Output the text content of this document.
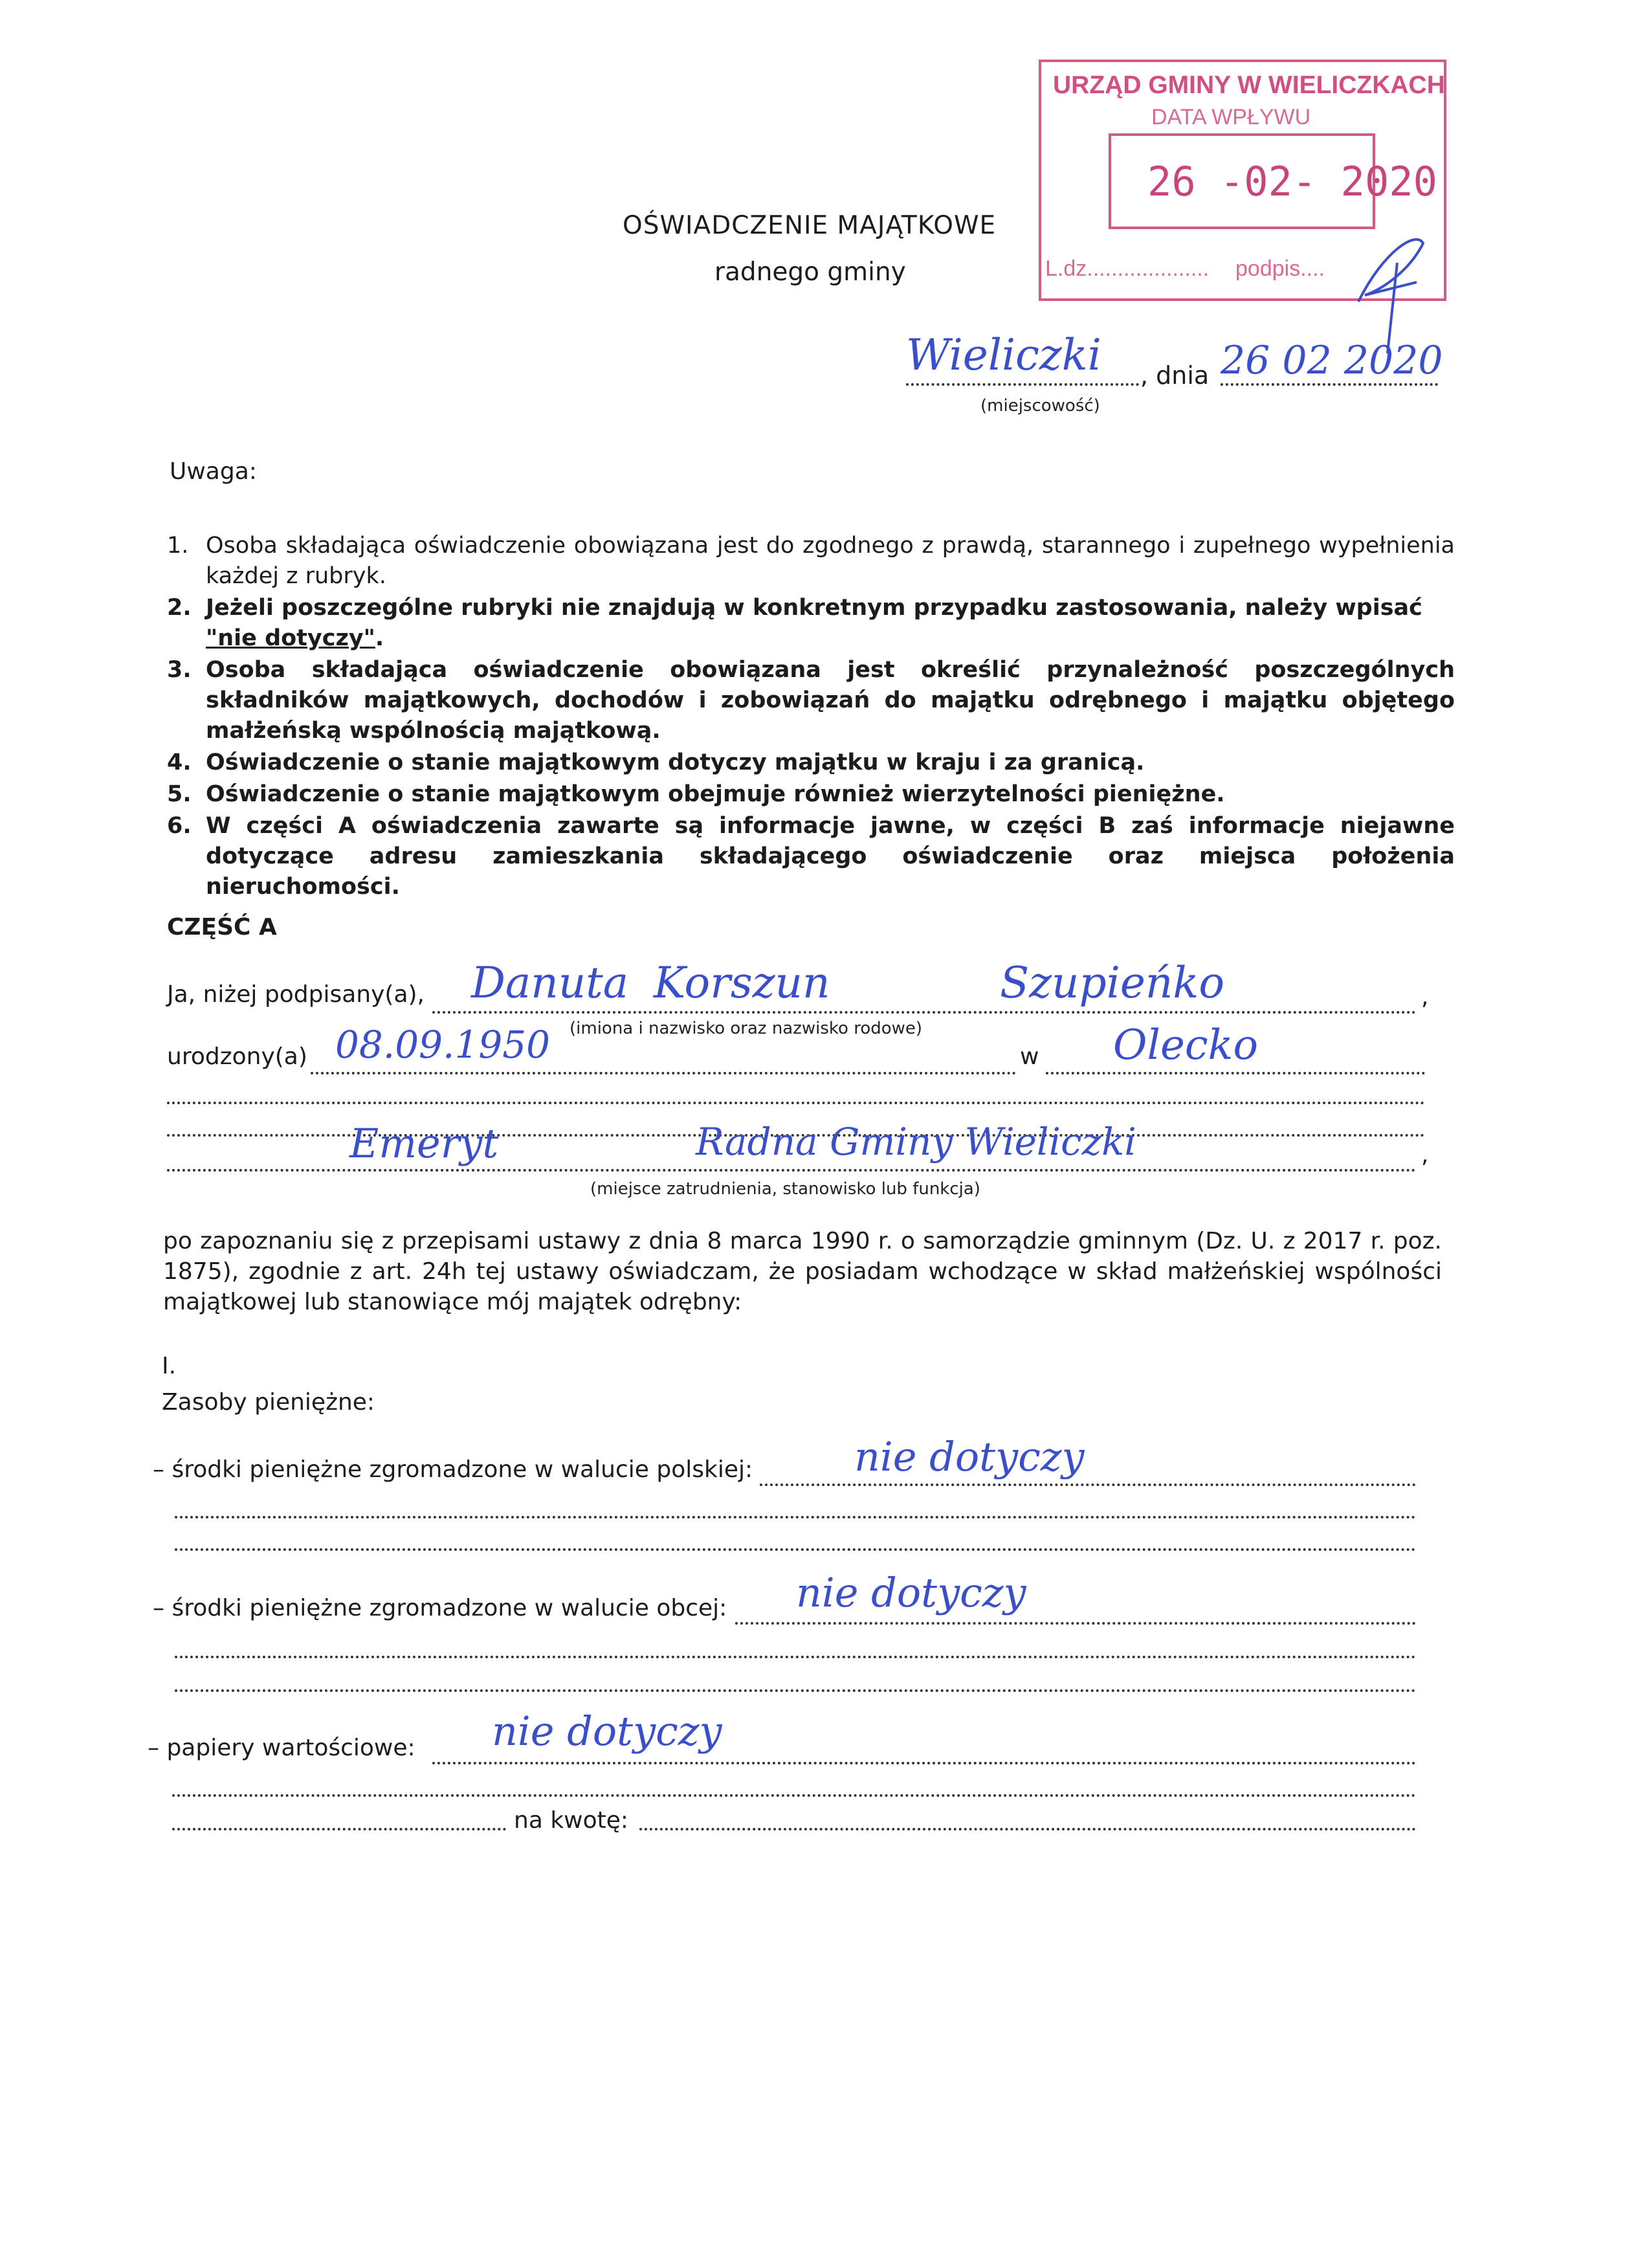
URZĄD GMINY W WIELICZKACH
DATA WPŁYWU
26 -02- 2020
L.dz.................... podpis....
OŚWIADCZENIE MAJĄTKOWE
radnego gminy
Wieliczki , dnia 26 02 2020
(miejscowość)
Uwaga:
1. Osoba składająca oświadczenie obowiązana jest do zgodnego z prawdą, starannego i zupełnego wypełnienia każdej z rubryk.
2. Jeżeli poszczególne rubryki nie znajdują w konkretnym przypadku zastosowania, należy wpisać "nie dotyczy".
3. Osoba składająca oświadczenie obowiązana jest określić przynależność poszczególnych składników majątkowych, dochodów i zobowiązań do majątku odrębnego i majątku objętego małżeńską wspólnością majątkową.
4. Oświadczenie o stanie majątkowym dotyczy majątku w kraju i za granicą.
5. Oświadczenie o stanie majątkowym obejmuje również wierzytelności pieniężne.
6. W części A oświadczenia zawarte są informacje jawne, w części B zaś informacje niejawne dotyczące adresu zamieszkania składającego oświadczenie oraz miejsca położenia nieruchomości.
CZĘŚĆ A
Ja, niżej podpisany(a), Danuta Korszun	Szupieńko	,
(imiona i nazwisko oraz nazwisko rodowe)
urodzony(a) 08.09.1950	w Olecko
Emeryt	Radna Gminy Wieliczki	,
(miejsce zatrudnienia, stanowisko lub funkcja)
po zapoznaniu się z przepisami ustawy z dnia 8 marca 1990 r. o samorządzie gminnym (Dz. U. z 2017 r. poz. 1875), zgodnie z art. 24h tej ustawy oświadczam, że posiadam wchodzące w skład małżeńskiej wspólności majątkowej lub stanowiące mój majątek odrębny:
I.
Zasoby pieniężne:
– środki pieniężne zgromadzone w walucie polskiej:	nie dotyczy
– środki pieniężne zgromadzone w walucie obcej: nie dotyczy
– papiery wartościowe: nie dotyczy
na kwotę:
